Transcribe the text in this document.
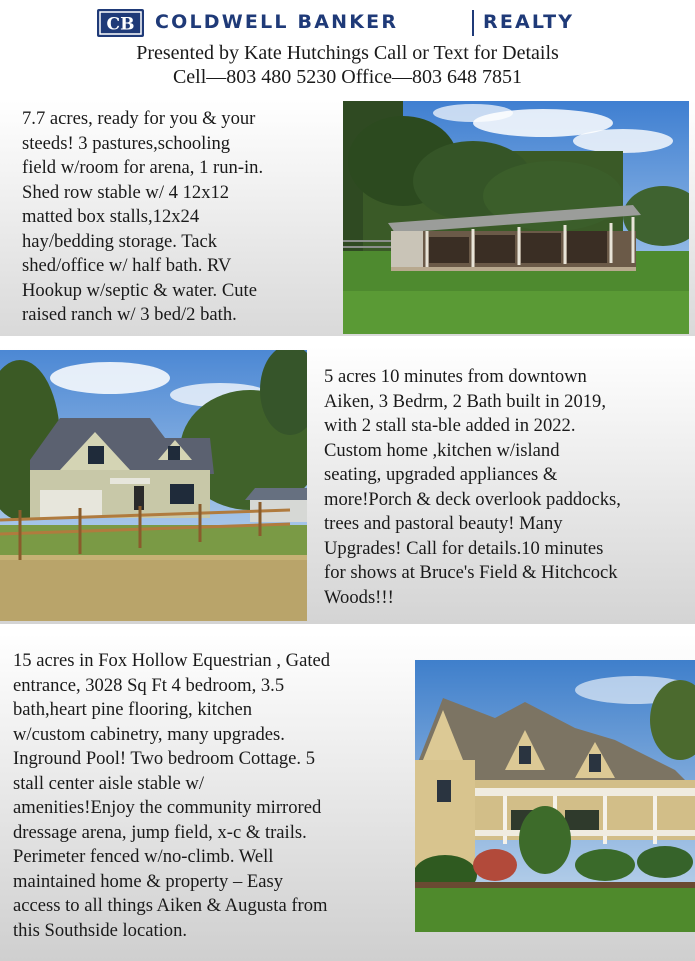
CB COLDWELL BANKER	REALTY
Presented by Kate Hutchings Call or Text for Details
Cell—803 480 5230 Office—803 648 7851
7.7 acres, ready for you & your
steeds! 3 pastures,schooling
field w/room for arena, 1 run-in.
Shed row stable w/ 4 12x12
matted box stalls,12x24
hay/bedding storage. Tack
shed/office w/ half bath. RV
Hookup w/septic & water. Cute
raised ranch w/ 3 bed/2 bath.
5 acres 10 minutes from downtown
Aiken, 3 Bedrm, 2 Bath built in 2019,
with 2 stall sta-ble added in 2022.
Custom home ,kitchen w/island
seating, upgraded appliances &
more!Porch & deck overlook paddocks,
trees and pastoral beauty! Many
Upgrades! Call for details.10 minutes
for shows at Bruce's Field & Hitchcock
Woods!!!
15 acres in Fox Hollow Equestrian , Gated
entrance, 3028 Sq Ft 4 bedroom, 3.5
bath,heart pine flooring, kitchen
w/custom cabinetry, many upgrades.
Inground Pool! Two bedroom Cottage. 5
stall center aisle stable w/
amenities!Enjoy the community mirrored
dressage arena, jump field, x-c & trails.
Perimeter fenced w/no-climb. Well
maintained home & property – Easy
access to all things Aiken & Augusta from
this Southside location.
